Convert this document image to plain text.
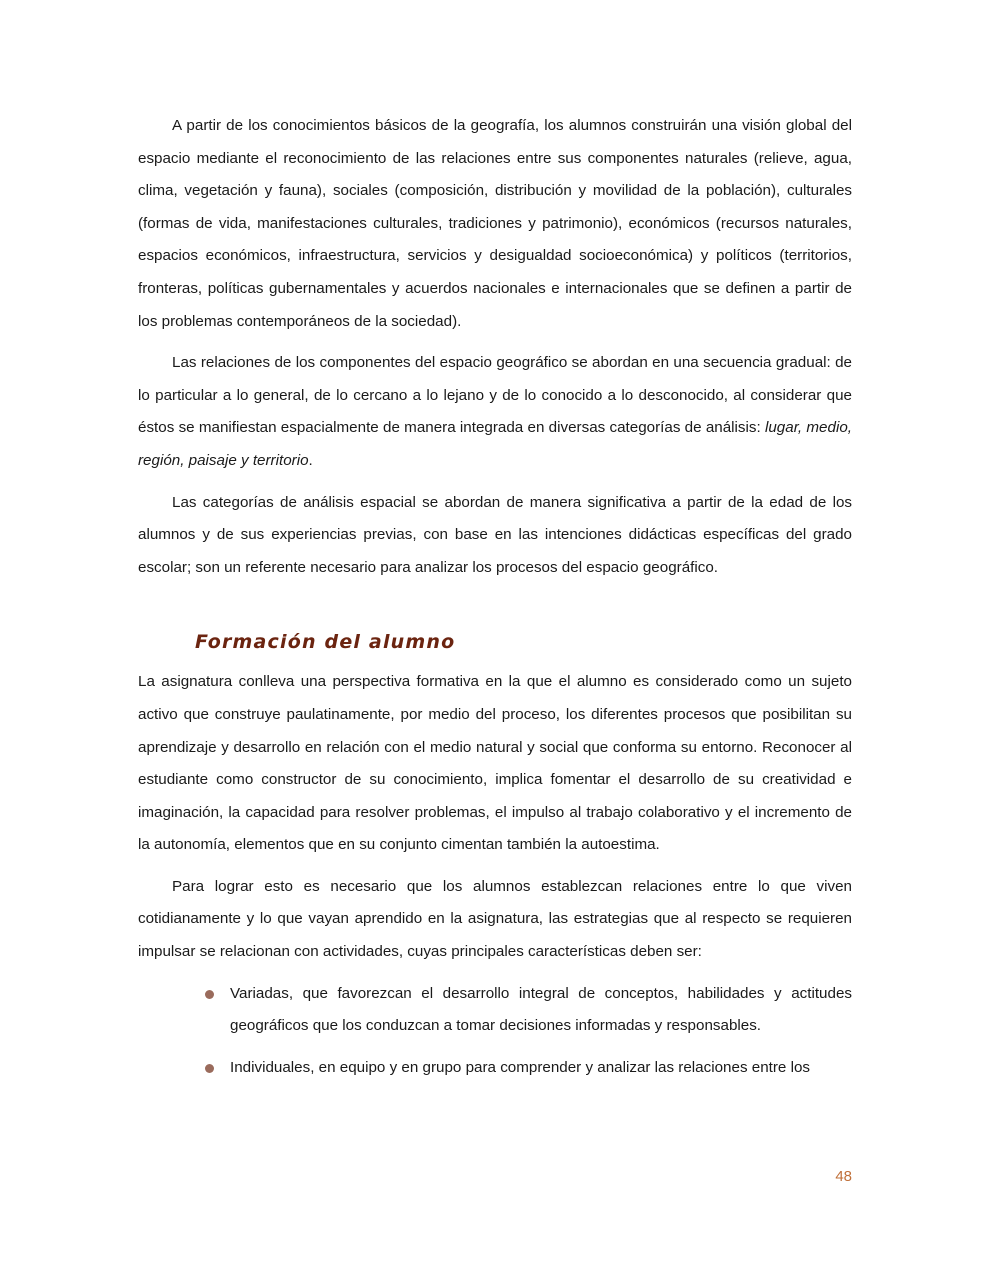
A partir de los conocimientos básicos de la geografía, los alumnos construirán una visión global del espacio mediante el reconocimiento de las relaciones entre sus componentes naturales (relieve, agua, clima, vegetación y fauna), sociales (composición, distribución y movilidad de la población), culturales (formas de vida, manifestaciones culturales, tradiciones y patrimonio), económicos (recursos naturales, espacios económicos, infraestructura, servicios y desigualdad socioeconómica) y políticos (territorios, fronteras, políticas gubernamentales y acuerdos nacionales e internacionales que se definen a partir de los problemas contemporáneos de la sociedad).

Las relaciones de los componentes del espacio geográfico se abordan en una secuencia gradual: de lo particular a lo general, de lo cercano a lo lejano y de lo conocido a lo desconocido, al considerar que éstos se manifiestan espacialmente de manera integrada en diversas categorías de análisis: lugar, medio, región, paisaje y territorio.

Las categorías de análisis espacial se abordan de manera significativa a partir de la edad de los alumnos y de sus experiencias previas, con base en las intenciones didácticas específicas del grado escolar; son un referente necesario para analizar los procesos del espacio geográfico.

Formación del alumno

La asignatura conlleva una perspectiva formativa en la que el alumno es considerado como un sujeto activo que construye paulatinamente, por medio del proceso, los diferentes procesos que posibilitan su aprendizaje y desarrollo en relación con el medio natural y social que conforma su entorno. Reconocer al estudiante como constructor de su conocimiento, implica fomentar el desarrollo de su creatividad e imaginación, la capacidad para resolver problemas, el impulso al trabajo colaborativo y el incremento de la autonomía, elementos que en su conjunto cimentan también la autoestima.

Para lograr esto es necesario que los alumnos establezcan relaciones entre lo que viven cotidianamente y lo que vayan aprendido en la asignatura, las estrategias que al respecto se requieren impulsar se relacionan con actividades, cuyas principales características deben ser:

Variadas, que favorezcan el desarrollo integral de conceptos, habilidades y actitudes geográficos que los conduzcan a tomar decisiones informadas y responsables.
Individuales, en equipo y en grupo para comprender y analizar las relaciones entre los
48
